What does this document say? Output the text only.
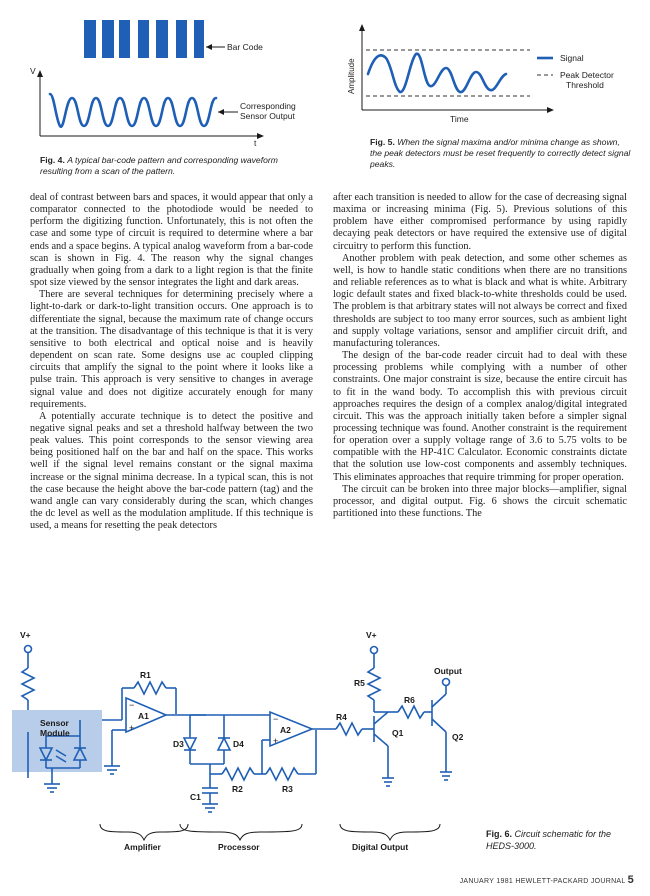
Bar Code
V
t
Corresponding
Sensor Output
Fig. 4. A typical bar-code pattern and corresponding waveform resulting from a scan of the pattern.
Amplitude
Time
Signal
Peak Detector
Threshold
Fig. 5. When the signal maxima and/or minima change as shown, the peak detectors must be reset frequently to correctly detect signal peaks.

deal of contrast between bars and spaces, it would appear that only a comparator connected to the photodiode would be needed to perform the digitizing function. Unfortunately, this is not often the case and some type of circuit is required to determine where a bar ends and a space begins. A typical analog waveform from a bar-code scan is shown in Fig. 4. The reason why the signal changes gradually when going from a dark to a light region is that the finite spot size viewed by the sensor integrates the light and dark areas.

There are several techniques for determining precisely where a light-to-dark or dark-to-light transition occurs. One approach is to differentiate the signal, because the maximum rate of change occurs at the transition. The disadvantage of this technique is that it is very sensitive to both electrical and optical noise and is heavily dependent on scan rate. Some designs use ac coupled clipping circuits that amplify the signal to the point where it looks like a pulse train. This approach is very sensitive to changes in average signal value and does not digitize accurately enough for many requirements.

A potentially accurate technique is to detect the positive and negative signal peaks and set a threshold halfway between the two peak values. This point corresponds to the sensor viewing area being positioned half on the bar and half on the space. This works well if the signal level remains constant or the signal maxima increase or the signal minima decrease. In a typical scan, this is not the case because the height above the bar-code pattern (tag) and the wand angle can vary considerably during the scan, which changes the dc level as well as the modulation amplitude. If this technique is used, a means for resetting the peak detectors

after each transition is needed to allow for the case of decreasing signal maxima or increasing minima (Fig. 5). Previous solutions of this problem have either compromised performance by using rapidly decaying peak detectors or have required the extensive use of digital circuitry to perform this function.

Another problem with peak detection, and some other schemes as well, is how to handle static conditions when there are no transitions and reliable references as to what is black and what is white. Arbitrary logic default states and fixed black-to-white thresholds could be used. The problem is that arbitrary states will not always be correct and fixed thresholds are subject to too many error sources, such as ambient light and supply voltage variations, sensor and amplifier circuit drift, and manufacturing tolerances.

The design of the bar-code reader circuit had to deal with these processing problems while complying with a number of other constraints. One major constraint is size, because the entire circuit has to fit in the wand body. To accomplish this with previous circuit approaches requires the design of a complex analog/digital integrated circuit. This was the approach initially taken before a simpler signal processing technique was found. Another constraint is the requirement for operation over a supply voltage range of 3.6 to 5.75 volts to be compatible with the HP-41C Calculator. Economic constraints dictate that the solution use low-cost components and assembly techniques. This eliminates approaches that require trimming for proper operation.

The circuit can be broken into three major blocks—amplifier, signal processor, and digital output. Fig. 6 shows the circuit schematic partitioned into these functions. The

V+	V+
Sensor
Module
R1
A1
A2
D3	D4
R2	R3
R4
R5
R6
Q1	Q2
C1
Output
−
+
−
+
Amplifier	Processor	Digital Output
Fig. 6. Circuit schematic for the HEDS-3000.
JANUARY 1981 HEWLETT-PACKARD JOURNAL 5
